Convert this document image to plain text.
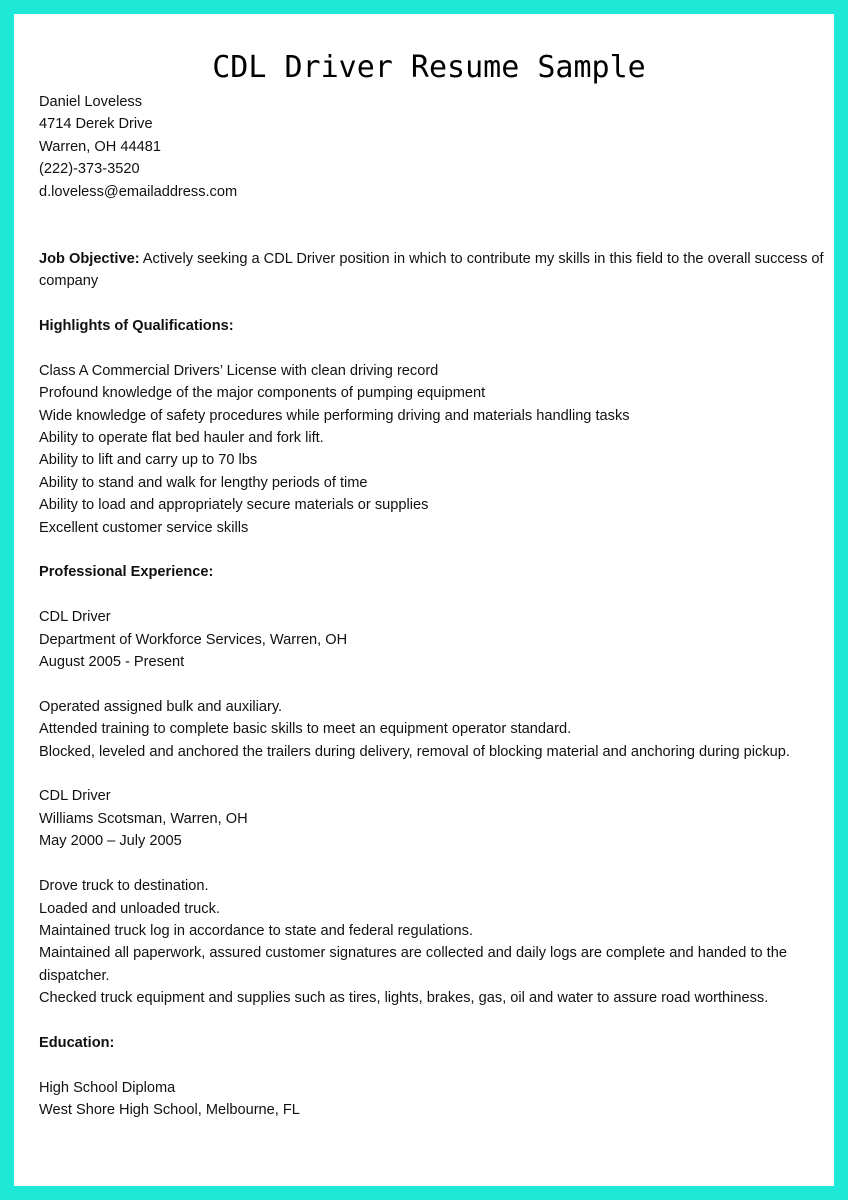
CDL Driver Resume Sample
Daniel Loveless
4714 Derek Drive
Warren, OH 44481
(222)-373-3520
d.loveless@emailaddress.com
Job Objective: Actively seeking a CDL Driver position in which to contribute my skills in this field to the overall success of company
Highlights of Qualifications:
Class A Commercial Drivers’ License with clean driving record
Profound knowledge of the major components of pumping equipment
Wide knowledge of safety procedures while performing driving and materials handling tasks
Ability to operate flat bed hauler and fork lift.
Ability to lift and carry up to 70 lbs
Ability to stand and walk for lengthy periods of time
Ability to load and appropriately secure materials or supplies
Excellent customer service skills
Professional Experience:
CDL Driver
Department of Workforce Services, Warren, OH
August 2005 - Present
Operated assigned bulk and auxiliary.
Attended training to complete basic skills to meet an equipment operator standard.
Blocked, leveled and anchored the trailers during delivery, removal of blocking material and anchoring during pickup.
CDL Driver
Williams Scotsman, Warren, OH
May 2000 – July 2005
Drove truck to destination.
Loaded and unloaded truck.
Maintained truck log in accordance to state and federal regulations.
Maintained all paperwork, assured customer signatures are collected and daily logs are complete and handed to the dispatcher.
Checked truck equipment and supplies such as tires, lights, brakes, gas, oil and water to assure road worthiness.
Education:
High School Diploma
West Shore High School, Melbourne, FL
